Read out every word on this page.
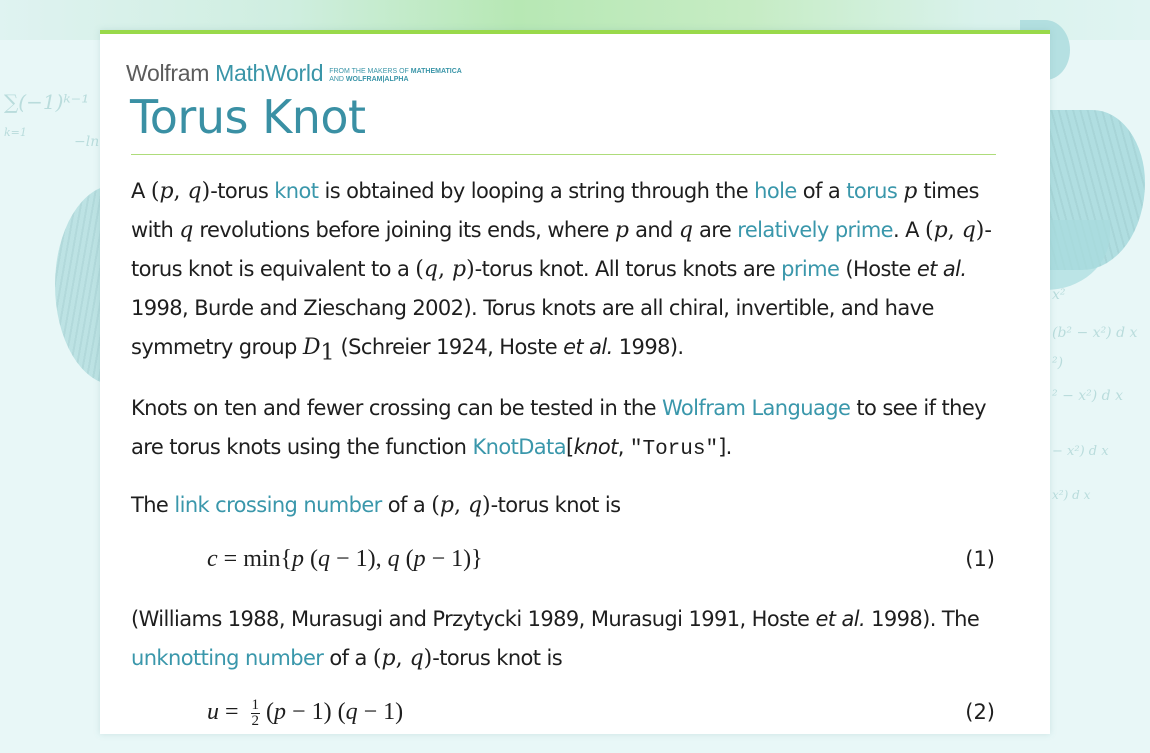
∑(−1)ᵏ⁻¹
k=1
−ln
x²
(b² − x²) d x
²)
² − x²) d x
− x²) d x
x²) d x
Wolfram MathWorld FROM THE MAKERS OF MATHEMATICA
AND WOLFRAM|ALPHA
Torus Knot

A (p, q)-torus knot is obtained by looping a string through the hole of a torus p times with q revolutions before joining its ends, where p and q are relatively prime. A (p, q)-torus knot is equivalent to a (q, p)-torus knot. All torus knots are prime (Hoste et al. 1998, Burde and Zieschang 2002). Torus knots are all chiral, invertible, and have symmetry group $D_1$ (Schreier 1924, Hoste et al. 1998).

Knots on ten and fewer crossing can be tested in the Wolfram Language to see if they are torus knots using the function KnotData[knot, "Torus"].

The link crossing number of a (p, q)-torus knot is

c = min{p (q − 1), q (p − 1)}	(1)

(Williams 1988, Murasugi and Przytycki 1989, Murasugi 1991, Hoste et al. 1998). The unknotting number of a (p, q)-torus knot is

$u = \frac{1}{2} (p - 1) (q - 1)$	(2)
